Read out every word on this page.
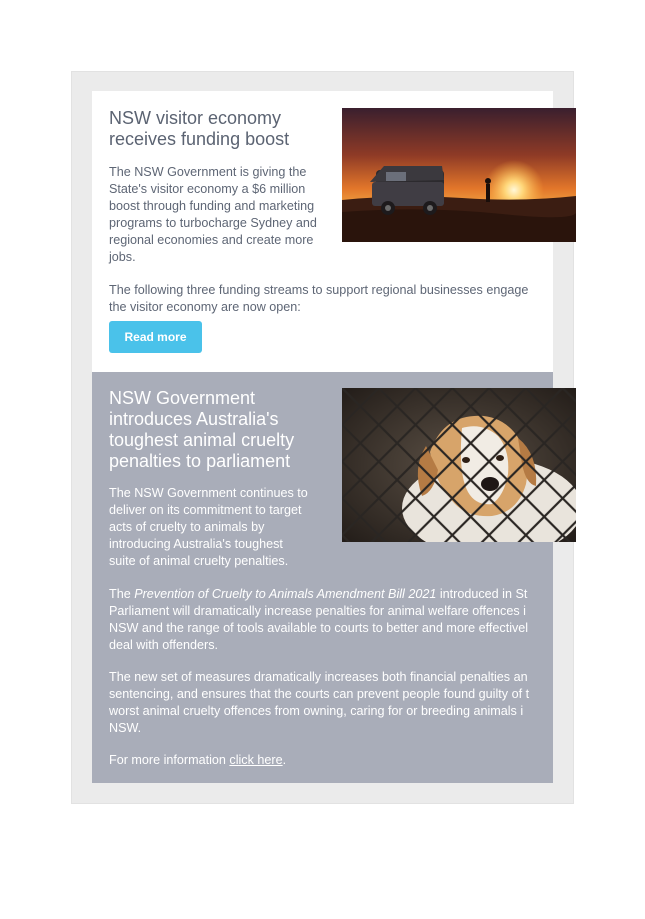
NSW visitor economy receives funding boost

The NSW Government is giving the State's visitor economy a $6 million boost through funding and marketing programs to turbocharge Sydney and regional economies and create more jobs.

The following three funding streams to support regional businesses engage
the visitor economy are now open:

Read more
NSW Government introduces Australia's toughest animal cruelty penalties to parliament

The NSW Government continues to
deliver on its commitment to target
acts of cruelty to animals by
introducing Australia's toughest
suite of animal cruelty penalties.

The Prevention of Cruelty to Animals Amendment Bill 2021 introduced in St
Parliament will dramatically increase penalties for animal welfare offences i
NSW and the range of tools available to courts to better and more effectivel
deal with offenders.

The new set of measures dramatically increases both financial penalties an
sentencing, and ensures that the courts can prevent people found guilty of t
worst animal cruelty offences from owning, caring for or breeding animals i
NSW.

For more information click here.
